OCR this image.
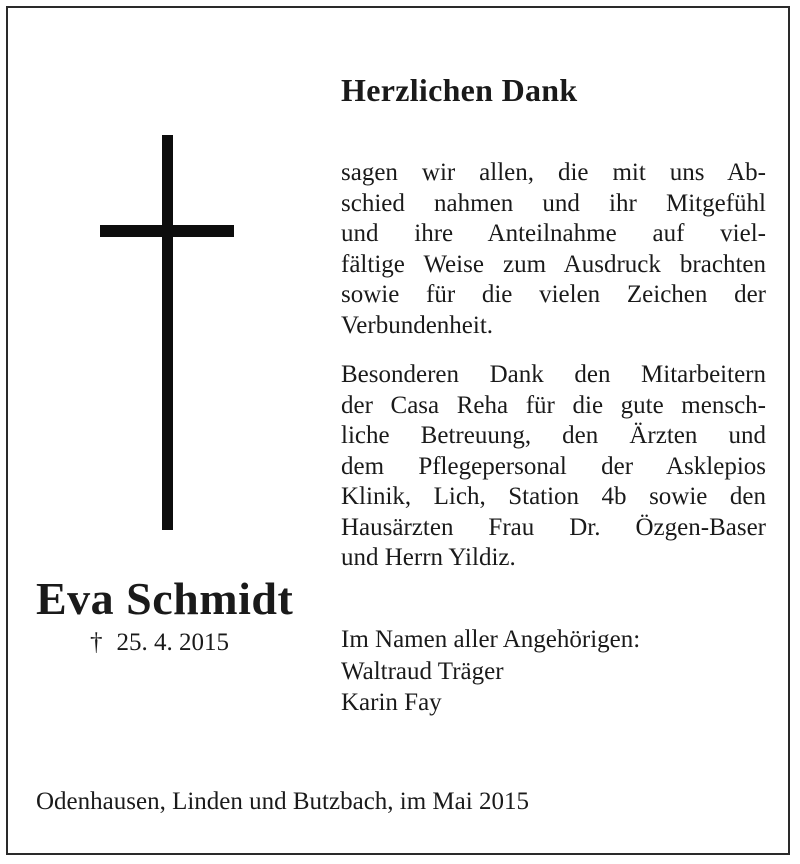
Herzlichen Dank

sagen wir allen, die mit uns Ab-
schied nahmen und ihr Mitgefühl
und ihre Anteilnahme auf viel-
fältige Weise zum Ausdruck brachten
sowie für die vielen Zeichen der
Verbundenheit.

Besonderen Dank den Mitarbeitern
der Casa Reha für die gute mensch-
liche Betreuung, den Ärzten und
dem Pflegepersonal der Asklepios
Klinik, Lich, Station 4b sowie den
Hausärzten Frau Dr. Özgen-Baser
und Herrn Yildiz.

Eva Schmidt
† 25. 4. 2015	Im Namen aller Angehörigen:
Waltraud Träger
Karin Fay

Odenhausen, Linden und Butzbach, im Mai 2015
